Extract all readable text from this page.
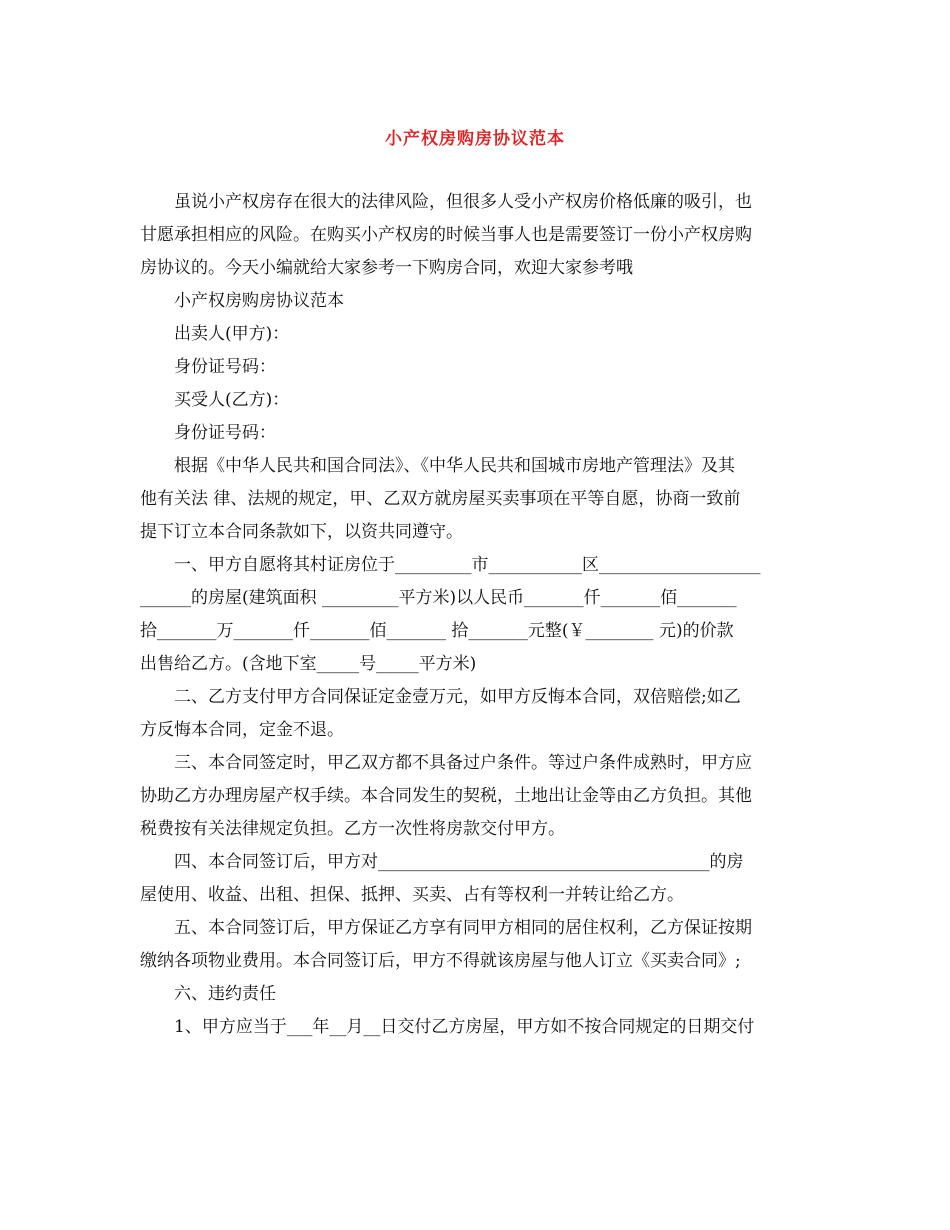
小产权房购房协议范本
虽说小产权房存在很大的法律风险，但很多人受小产权房价格低廉的吸引，也
甘愿承担相应的风险。在购买小产权房的时候当事人也是需要签订一份小产权房购
房协议的。今天小编就给大家参考一下购房合同，欢迎大家参考哦
小产权房购房协议范本
出卖人(甲方)：
身份证号码：
买受人(乙方)：
身份证号码：
根据《中华人民共和国合同法》、《中华人民共和国城市房地产管理法》及其
他有关法 律、法规的规定，甲、乙双方就房屋买卖事项在平等自愿，协商一致前
提下订立本合同条款如下，以资共同遵守。
一、甲方自愿将其村证房位于_________市___________区___________________
______的房屋(建筑面积 _________平方米)以人民币_______仟_______佰_______
拾_______万_______仟_______佰_______ 拾_______元整(￥________ 元)的价款
出售给乙方。(含地下室_____号_____平方米)
二、乙方支付甲方合同保证定金壹万元，如甲方反悔本合同，双倍赔偿;如乙
方反悔本合同，定金不退。
三、本合同签定时，甲乙双方都不具备过户条件。等过户条件成熟时，甲方应
协助乙方办理房屋产权手续。本合同发生的契税，土地出让金等由乙方负担。其他
税费按有关法律规定负担。乙方一次性将房款交付甲方。
四、本合同签订后，甲方对_______________________________________的房
屋使用、收益、出租、担保、抵押、买卖、占有等权利一并转让给乙方。
五、本合同签订后，甲方保证乙方享有同甲方相同的居住权利，乙方保证按期
缴纳各项物业费用。本合同签订后，甲方不得就该房屋与他人订立《买卖合同》;
六、违约责任
1、甲方应当于___年__月__日交付乙方房屋，甲方如不按合同规定的日期交付
